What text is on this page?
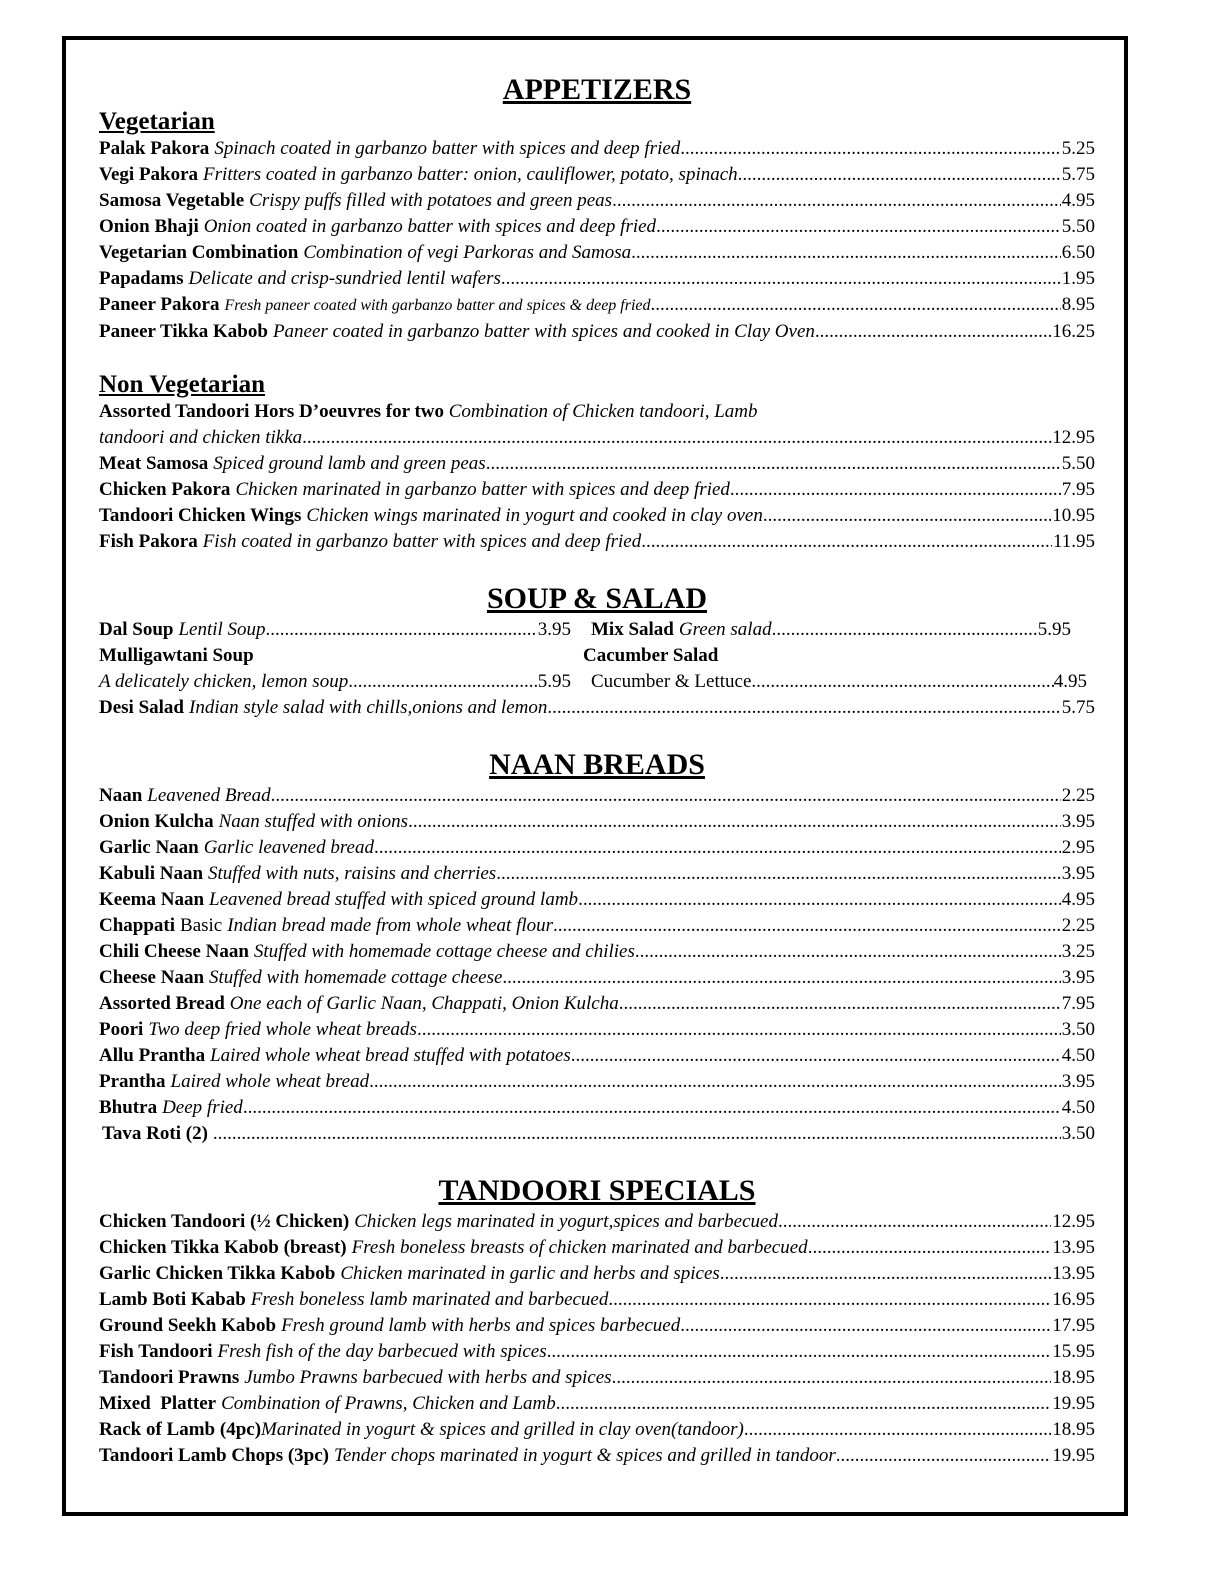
APPETIZERS
Vegetarian
Palak Pakora Spinach coated in garbanzo batter with spices and deep fried .....	5.25
Vegi Pakora Fritters coated in garbanzo batter: onion, cauliflower, potato, spinach .....	5.75
Samosa Vegetable Crispy puffs filled with potatoes and green peas .....	4.95
Onion Bhaji Onion coated in garbanzo batter with spices and deep fried .....	5.50
Vegetarian Combination Combination of vegi Parkoras and Samosa .....	6.50
Papadams Delicate and crisp-sundried lentil wafers .....	1.95
Paneer Pakora Fresh paneer coated with garbanzo batter and spices & deep fried .....	8.95
Paneer Tikka Kabob Paneer coated in garbanzo batter with spices and cooked in Clay Oven .....	16.25
Non Vegetarian
Assorted Tandoori Hors D’oeuvres for two Combination of Chicken tandoori, Lamb
tandoori and chicken tikka .....	12.95
Meat Samosa Spiced ground lamb and green peas .....	5.50
Chicken Pakora Chicken marinated in garbanzo batter with spices and deep fried .....	7.95
Tandoori Chicken Wings Chicken wings marinated in yogurt and cooked in clay oven .....	10.95
Fish Pakora Fish coated in garbanzo batter with spices and deep fried .....	11.95
SOUP & SALAD
Dal Soup Lentil Soup .....	3.95 Mix Salad Green salad .....	5.95
Mulligawtani Soup	Cacumber Salad
A delicately chicken, lemon soup .....	5.95 Cucumber & Lettuce .....	4.95
Desi Salad Indian style salad with chills,onions and lemon .....	5.75
NAAN BREADS
Naan Leavened Bread .....	2.25
Onion Kulcha Naan stuffed with onions .....	3.95
Garlic Naan Garlic leavened bread .....	2.95
Kabuli Naan Stuffed with nuts, raisins and cherries .....	3.95
Keema Naan Leavened bread stuffed with spiced ground lamb .....	4.95
Chappati Basic Indian bread made from whole wheat flour .....	2.25
Chili Cheese Naan Stuffed with homemade cottage cheese and chilies .....	3.25
Cheese Naan Stuffed with homemade cottage cheese .....	3.95
Assorted Bread One each of Garlic Naan, Chappati, Onion Kulcha .....	7.95
Poori Two deep fried whole wheat breads .....	3.50
Allu Prantha Laired whole wheat bread stuffed with potatoes .....	4.50
Prantha Laired whole wheat bread .....	3.95
Bhutra Deep fried .....	4.50
Tava Roti (2) .....	3.50
TANDOORI SPECIALS
Chicken Tandoori (½ Chicken) Chicken legs marinated in yogurt,spices and barbecued .....	12.95
Chicken Tikka Kabob (breast) Fresh boneless breasts of chicken marinated and barbecued .....	13.95
Garlic Chicken Tikka Kabob Chicken marinated in garlic and herbs and spices .....	13.95
Lamb Boti Kabab Fresh boneless lamb marinated and barbecued .....	16.95
Ground Seekh Kabob Fresh ground lamb with herbs and spices barbecued .....	17.95
Fish Tandoori Fresh fish of the day barbecued with spices .....	15.95
Tandoori Prawns Jumbo Prawns barbecued with herbs and spices .....	18.95
Mixed  Platter Combination of Prawns, Chicken and Lamb .....	19.95
Rack of Lamb (4pc) Marinated in yogurt & spices and grilled in clay oven(tandoor) .....	18.95
Tandoori Lamb Chops (3pc) Tender chops marinated in yogurt & spices and grilled in tandoor .....	19.95
